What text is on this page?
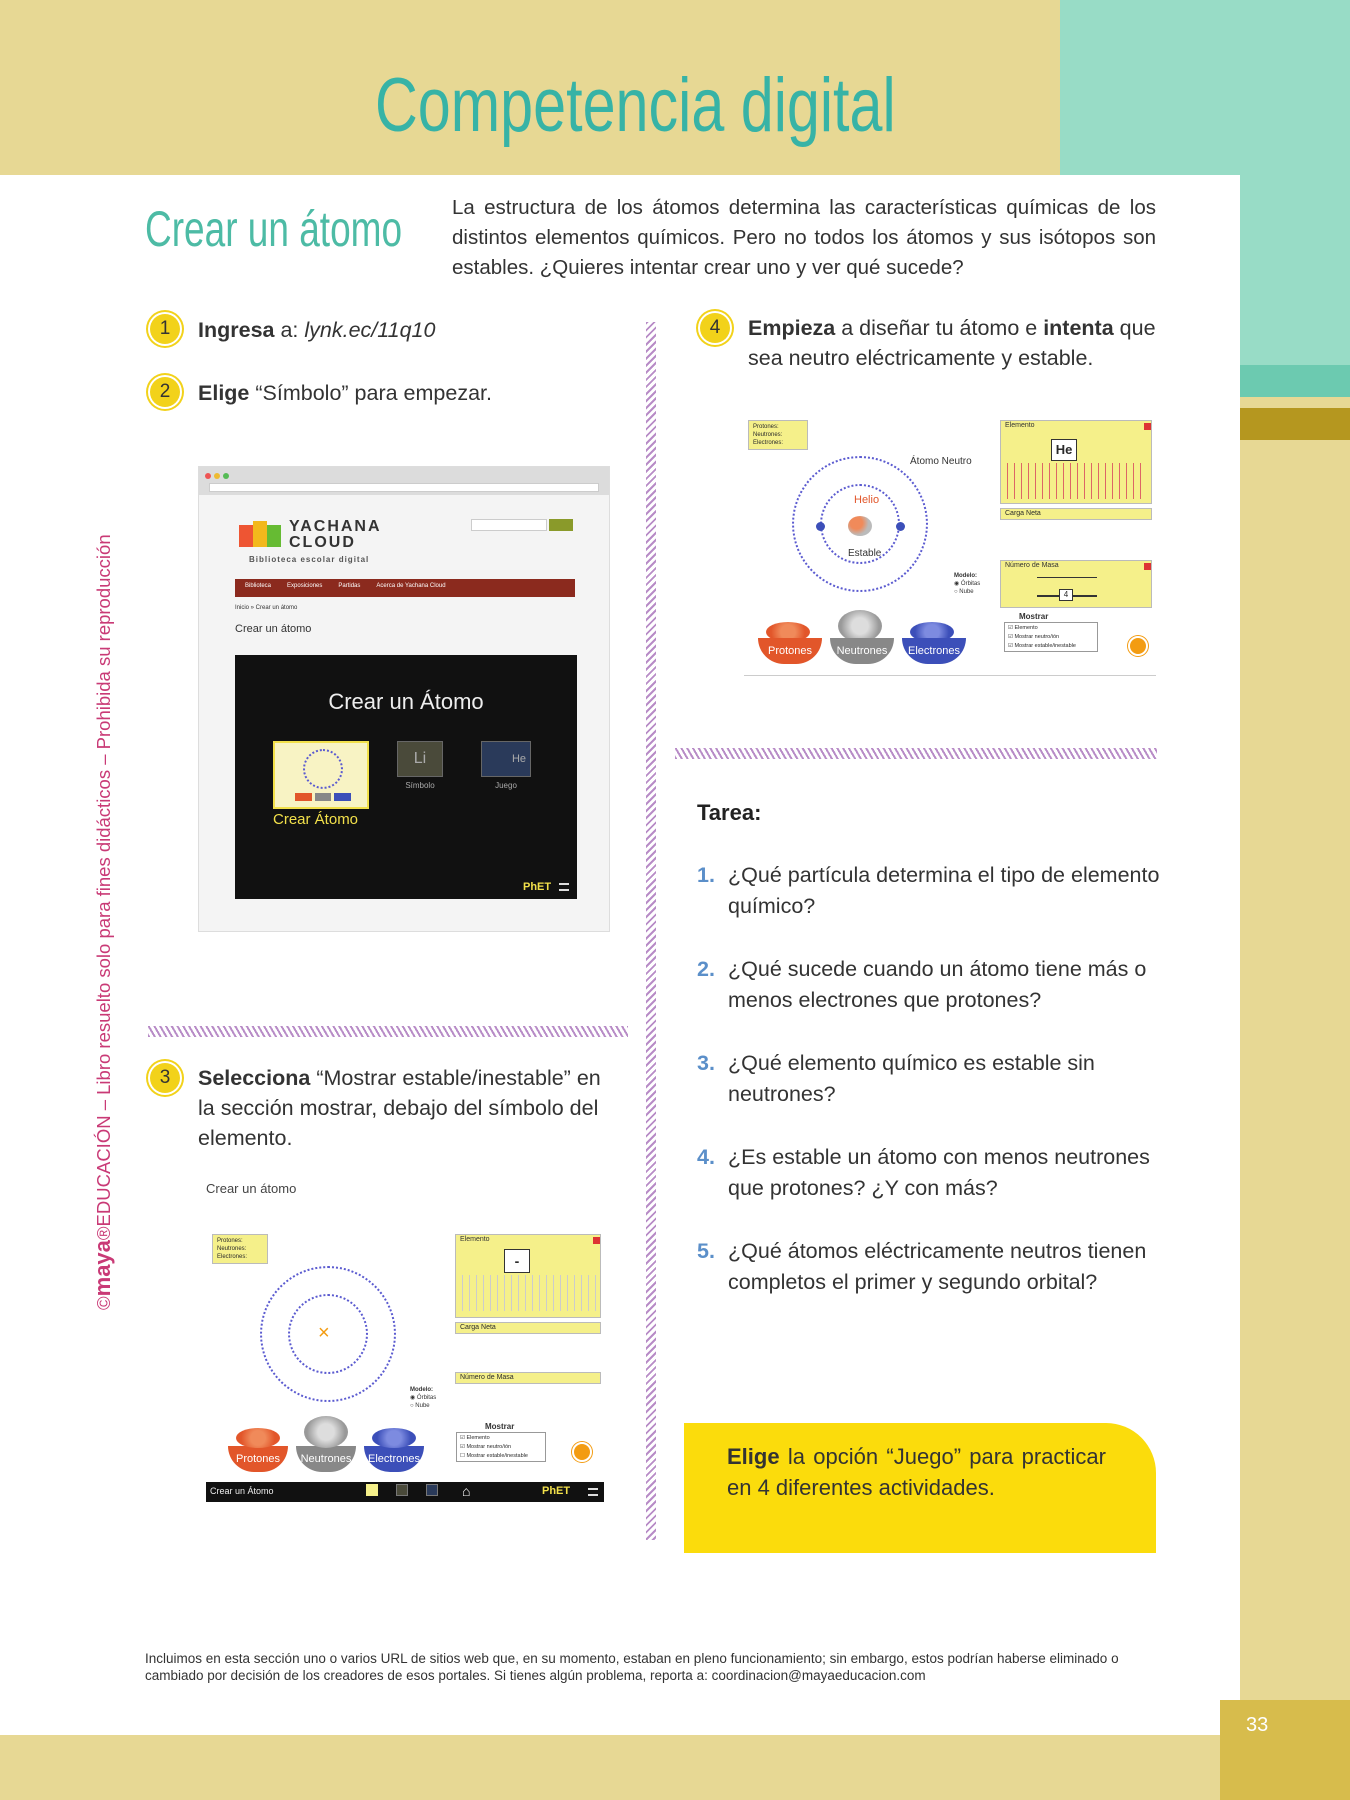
Competencia digital
Crear un átomo La estructura de los átomos determina las características químicas de los distintos elementos químicos. Pero no todos los átomos y sus isótopos son estables. ¿Quieres intentar crear uno y ver qué sucede?
1	Ingresa a: lynk.ec/11q10
2	Elige “Símbolo” para empezar.
YACHANA
CLOUD
Biblioteca escolar digital
Biblioteca	Exposiciones	Partidas	Acerca de Yachana Cloud
Inicio » Crear un átomo
Crear un átomo
Crear un Átomo
Crear Átomo
Li
Símbolo
He
Juego
PhET
3	Selecciona “Mostrar estable/inestable” en la sección mostrar, debajo del símbolo del elemento.
Crear un átomo
Protones:
Neutrones:
Electrones:
×
Elemento
-
Carga Neta
Número de Masa
Modelo:
◉ Órbitas
○ Nube
Mostrar
☑ Elemento
☑ Mostrar neutro/ión
☐ Mostrar estable/inestable
Protones	Neutrones	Electrones
Crear un Átomo	⌂	PhET
4	Empieza a diseñar tu átomo e intenta que sea neutro eléctricamente y estable.
Protones:
Neutrones:
Electrones:
Átomo Neutro
Helio
Estable
Elemento
He
Carga Neta
Número de Masa
4
Modelo:
◉ Órbitas
○ Nube
Mostrar
☑ Elemento
☑ Mostrar neutro/ión
☑ Mostrar estable/inestable
Protones	Neutrones	Electrones
Tarea:
1. ¿Qué partícula determina el tipo de elemento químico?
2. ¿Qué sucede cuando un átomo tiene más o menos electrones que protones?
3. ¿Qué elemento químico es estable sin neutrones?
4. ¿Es estable un átomo con menos neutrones que protones? ¿Y con más?
5. ¿Qué átomos eléctricamente neutros tienen completos el primer y segundo orbital?
Elige la opción “Juego” para practicar en 4 diferentes actividades.
Incluimos en esta sección uno o varios URL de sitios web que, en su momento, estaban en pleno funcionamiento; sin embargo, estos podrían haberse eliminado o cambiado por decisión de los creadores de esos portales. Si tienes algún problema, reporta a: coordinacion@mayaeducacion.com
©maya®EDUCACIÓN – Libro resuelto solo para fines didácticos – Prohibida su reproducción
33
